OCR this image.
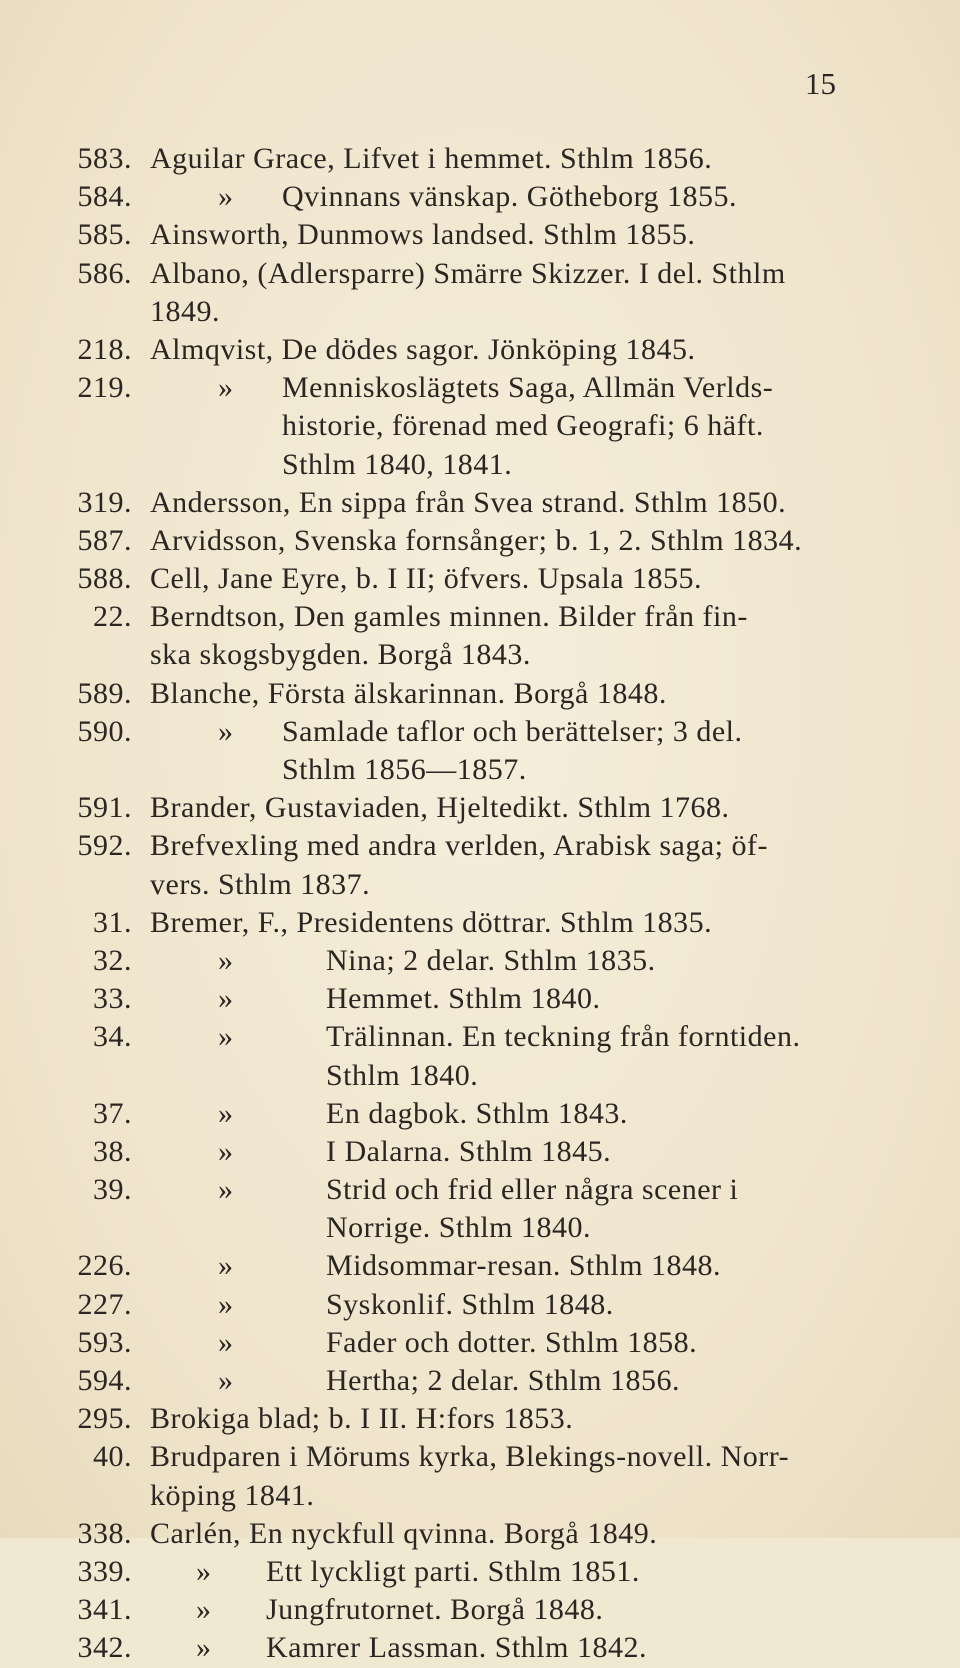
15
583. Aguilar Grace, Lifvet i hemmet. Sthlm 1856.
584.	» Qvinnans vänskap. Götheborg 1855.
585. Ainsworth, Dunmows landsed. Sthlm 1855.
586. Albano, (Adlersparre) Smärre Skizzer. I del. Sthlm
1849.
218. Almqvist, De dödes sagor. Jönköping 1845.
219.	» Menniskoslägtets Saga, Allmän Verlds-
historie, förenad med Geografi; 6 häft.
Sthlm 1840, 1841.
319. Andersson, En sippa från Svea strand. Sthlm 1850.
587. Arvidsson, Svenska fornsånger; b. 1, 2. Sthlm 1834.
588. Cell, Jane Eyre, b. I II; öfvers. Upsala 1855.
22. Berndtson, Den gamles minnen. Bilder från fin-
ska skogsbygden. Borgå 1843.
589. Blanche, Första älskarinnan. Borgå 1848.
590.	» Samlade taflor och berättelser; 3 del.
Sthlm 1856—1857.
591. Brander, Gustaviaden, Hjeltedikt. Sthlm 1768.
592. Brefvexling med andra verlden, Arabisk saga; öf-
vers. Sthlm 1837.
31. Bremer, F., Presidentens döttrar. Sthlm 1835.
32.	»	Nina; 2 delar. Sthlm 1835.
33.	»	Hemmet. Sthlm 1840.
34.	»	Trälinnan. En teckning från forntiden.
Sthlm 1840.
37.	»	En dagbok. Sthlm 1843.
38.	»	I Dalarna. Sthlm 1845.
39.	»	Strid och frid eller några scener i
Norrige. Sthlm 1840.
226.	»	Midsommar-resan. Sthlm 1848.
227.	»	Syskonlif. Sthlm 1848.
593.	»	Fader och dotter. Sthlm 1858.
594.	»	Hertha; 2 delar. Sthlm 1856.
295. Brokiga blad; b. I II. H:fors 1853.
40. Brudparen i Mörums kyrka, Blekings-novell. Norr-
köping 1841.
338. Carlén, En nyckfull qvinna. Borgå 1849.
339. » Ett lyckligt parti. Sthlm 1851.
341. » Jungfrutornet. Borgå 1848.
342. » Kamrer Lassman. Sthlm 1842.
